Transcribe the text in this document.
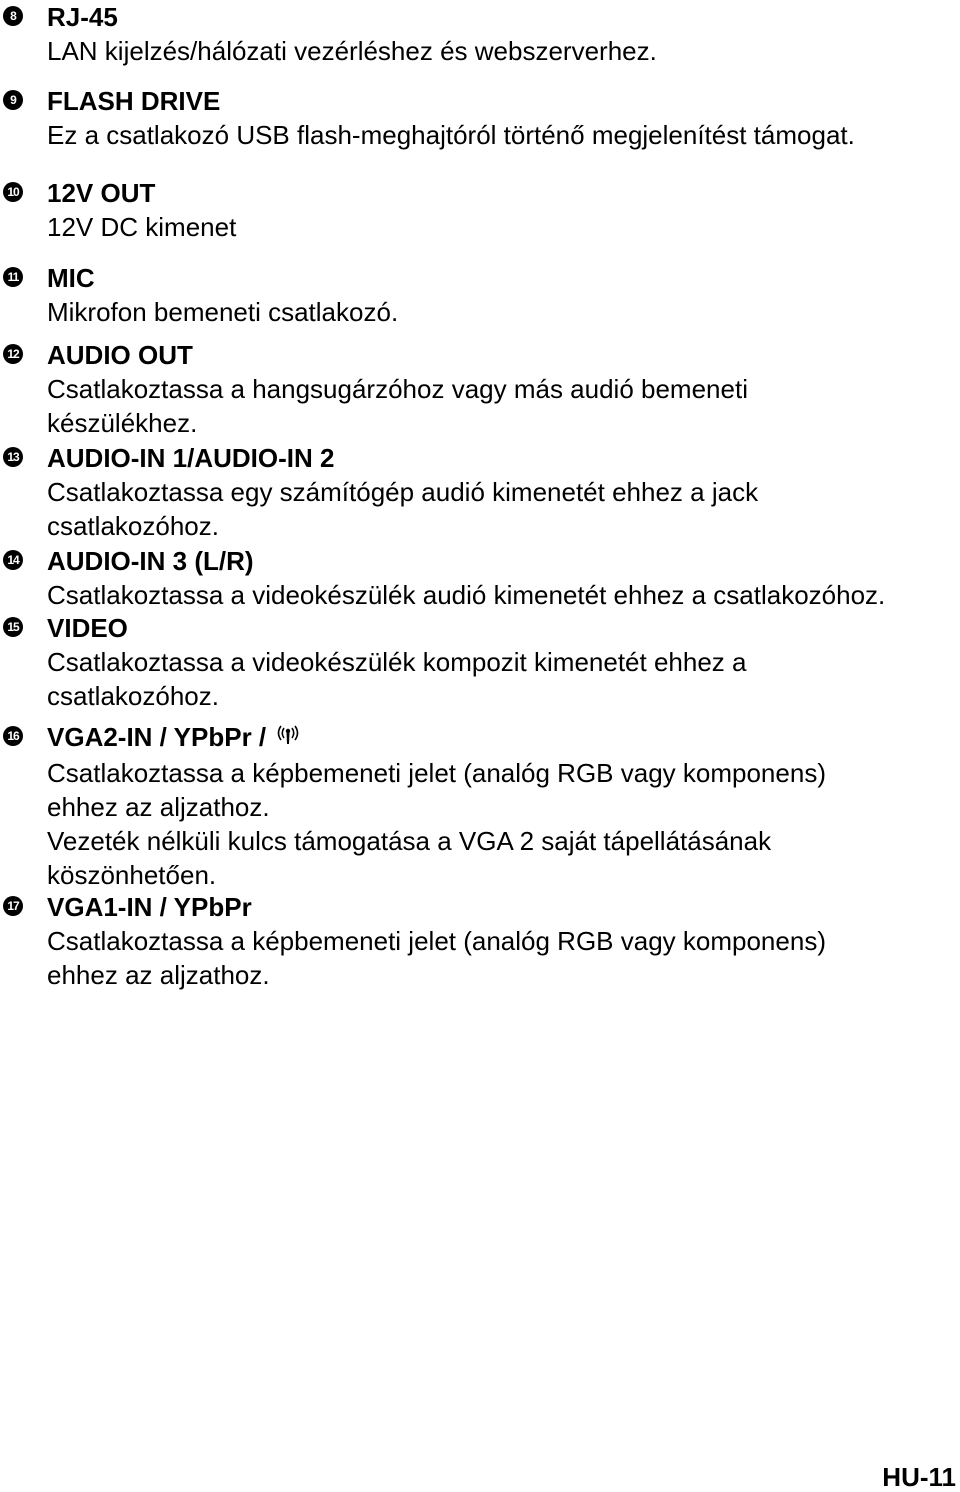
8 RJ-45
LAN kijelzés/hálózati vezérléshez és webszerverhez.
9 FLASH DRIVE
Ez a csatlakozó USB flash-meghajtóról történő megjelenítést támogat.
10 12V OUT
12V DC kimenet
11 MIC
Mikrofon bemeneti csatlakozó.
12 AUDIO OUT
Csatlakoztassa a hangsugárzóhoz vagy más audió bemeneti
készülékhez.
13 AUDIO-IN 1/AUDIO-IN 2
Csatlakoztassa egy számítógép audió kimenetét ehhez a jack
csatlakozóhoz.
14 AUDIO-IN 3 (L/R)
Csatlakoztassa a videokészülék audió kimenetét ehhez a csatlakozóhoz.
15 VIDEO
Csatlakoztassa a videokészülék kompozit kimenetét ehhez a
csatlakozóhoz.
16 VGA2-IN / YPbPr /
Csatlakoztassa a képbemeneti jelet (analóg RGB vagy komponens)
ehhez az aljzathoz.
Vezeték nélküli kulcs támogatása a VGA 2 saját tápellátásának
köszönhetően.
17 VGA1-IN / YPbPr
Csatlakoztassa a képbemeneti jelet (analóg RGB vagy komponens)
ehhez az aljzathoz.
HU-11
